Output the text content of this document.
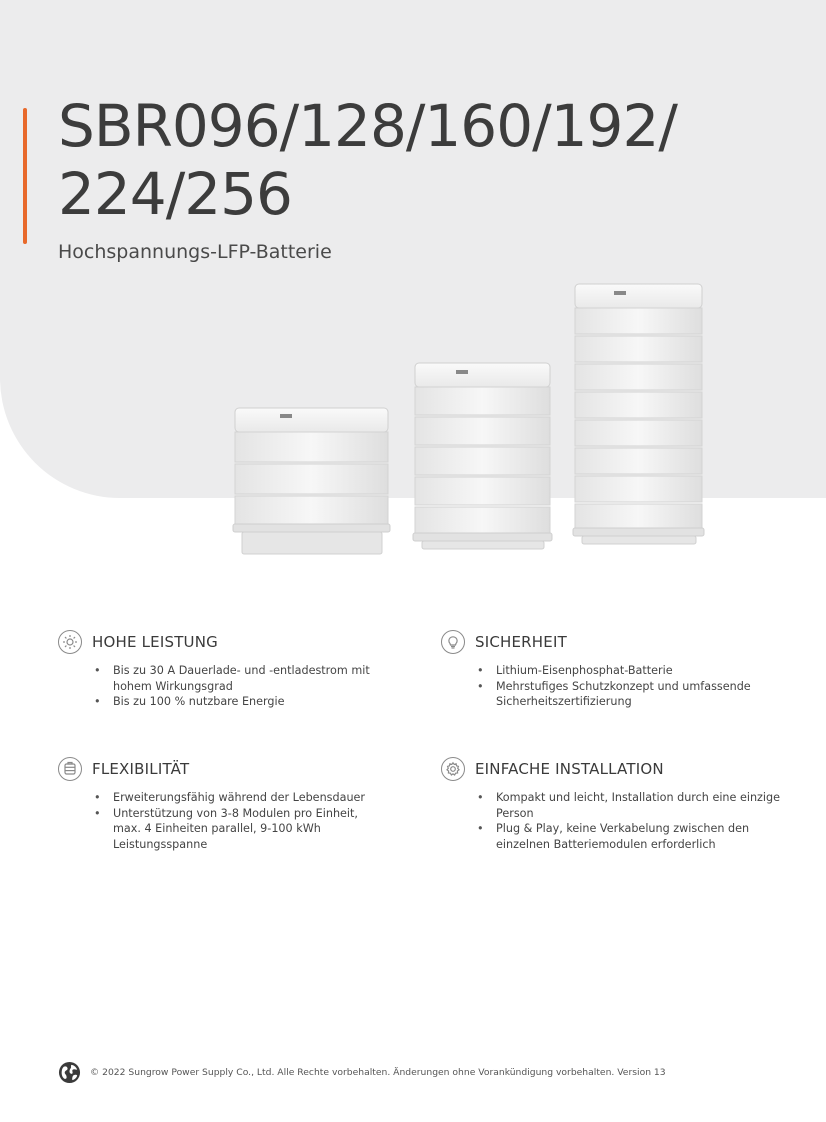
SBR096/128/160/192/
224/256
Hochspannungs-LFP-Batterie
HOHE LEISTUNG
• Bis zu 30 A Dauerlade- und -entladestrom mit hohem Wirkungsgrad
• Bis zu 100 % nutzbare Energie
SICHERHEIT
• Lithium-Eisenphosphat-Batterie
• Mehrstufiges Schutzkonzept und umfassende Sicherheitszertifizierung
FLEXIBILITÄT
• Erweiterungsfähig während der Lebensdauer
• Unterstützung von 3-8 Modulen pro Einheit, max. 4 Einheiten parallel, 9-100 kWh Leistungsspanne
EINFACHE INSTALLATION
• Kompakt und leicht, Installation durch eine einzige Person
• Plug & Play, keine Verkabelung zwischen den einzelnen Batteriemodulen erforderlich
© 2022 Sungrow Power Supply Co., Ltd. Alle Rechte vorbehalten. Änderungen ohne Vorankündigung vorbehalten. Version 13
